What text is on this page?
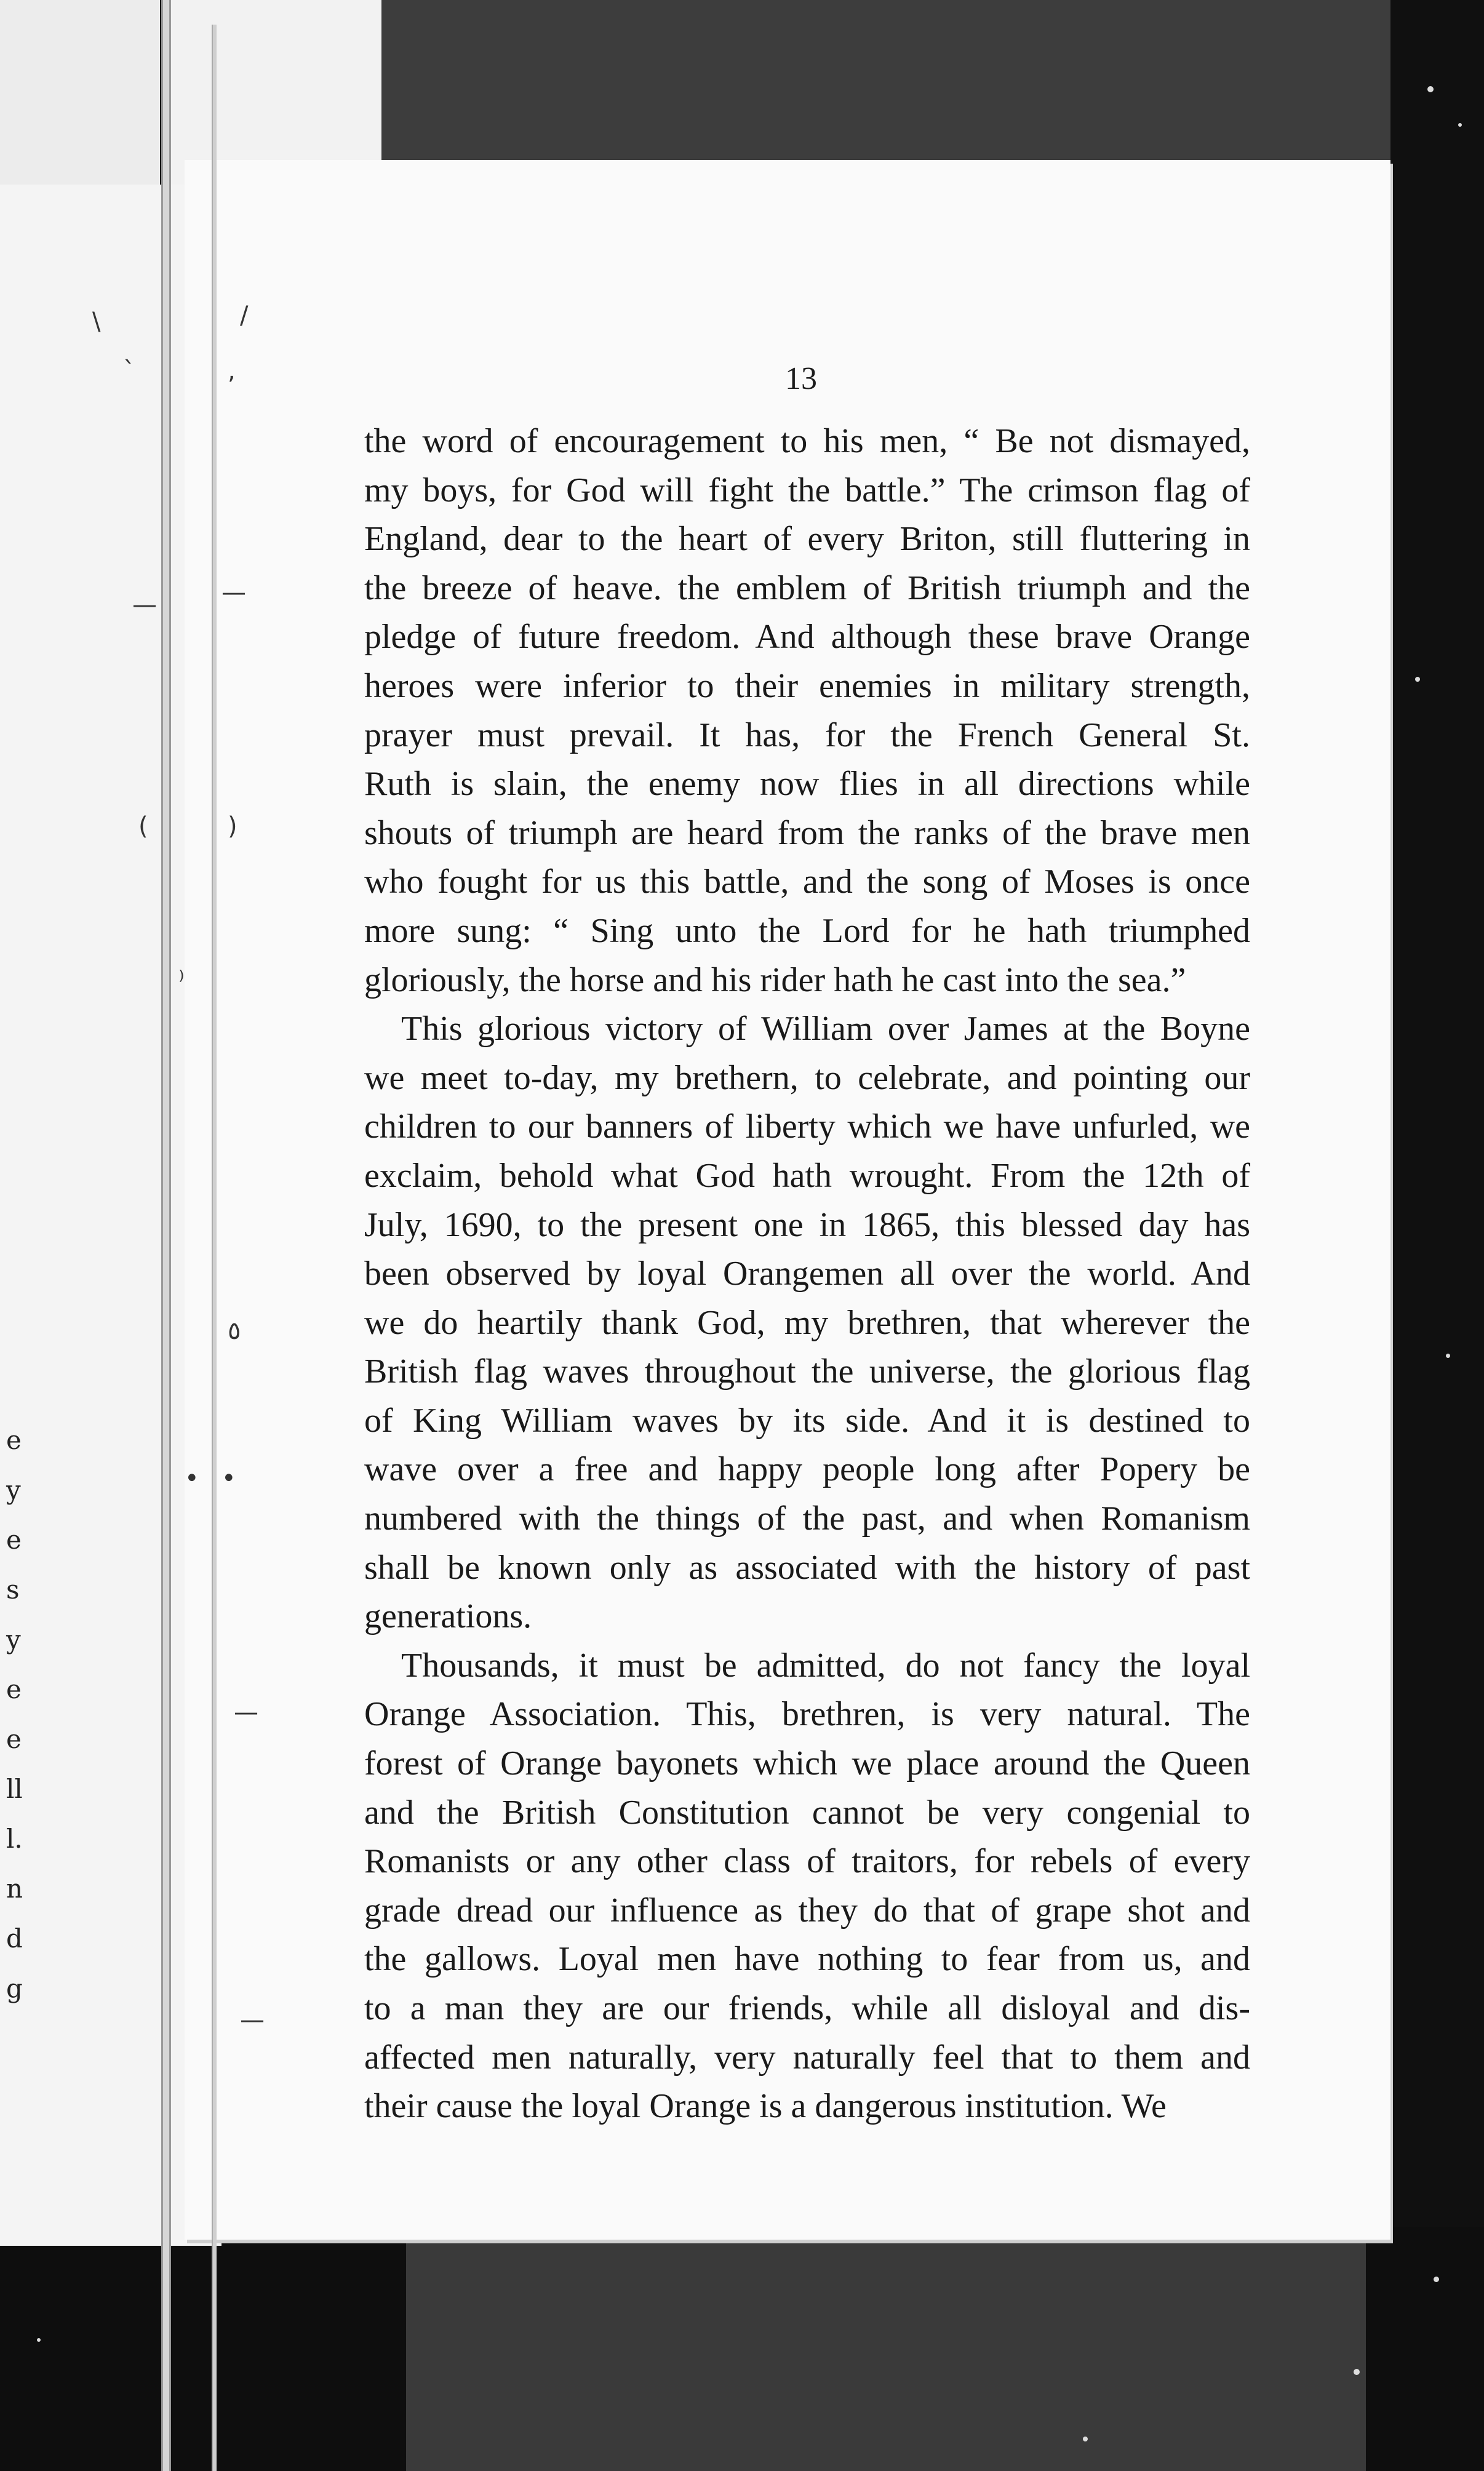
e
y
e
s
y
e
e
ll
l.
n
d
g
\	/
`	,
—	—
(	)
⁾
٥
• •
—
—
13
the word of encouragement to his men, “ Be not dismayed,
my boys, for God will fight the battle.” The crimson flag of
England, dear to the heart of every Briton, still fluttering in
the breeze of heave. the emblem of British triumph and the
pledge of future freedom. And although these brave Orange
heroes were inferior to their enemies in military strength,
prayer must prevail. It has, for the French General St.
Ruth is slain, the enemy now flies in all directions while
shouts of triumph are heard from the ranks of the brave men
who fought for us this battle, and the song of Moses is once
more sung: “ Sing unto the Lord for he hath triumphed
gloriously, the horse and his rider hath he cast into the sea.”
This glorious victory of William over James at the Boyne
we meet to-day, my brethern, to celebrate, and pointing our
children to our banners of liberty which we have unfurled, we
exclaim, behold what God hath wrought. From the 12th of
July, 1690, to the present one in 1865, this blessed day has
been observed by loyal Orangemen all over the world. And
we do heartily thank God, my brethren, that wherever the
British flag waves throughout the universe, the glorious flag
of King William waves by its side. And it is destined to
wave over a free and happy people long after Popery be
numbered with the things of the past, and when Romanism
shall be known only as associated with the history of past
generations.
Thousands, it must be admitted, do not fancy the loyal
Orange Association. This, brethren, is very natural. The
forest of Orange bayonets which we place around the Queen
and the British Constitution cannot be very congenial to
Romanists or any other class of traitors, for rebels of every
grade dread our influence as they do that of grape shot and
the gallows. Loyal men have nothing to fear from us, and
to a man they are our friends, while all disloyal and dis-
affected men naturally, very naturally feel that to them and
their cause the loyal Orange is a dangerous institution. We
